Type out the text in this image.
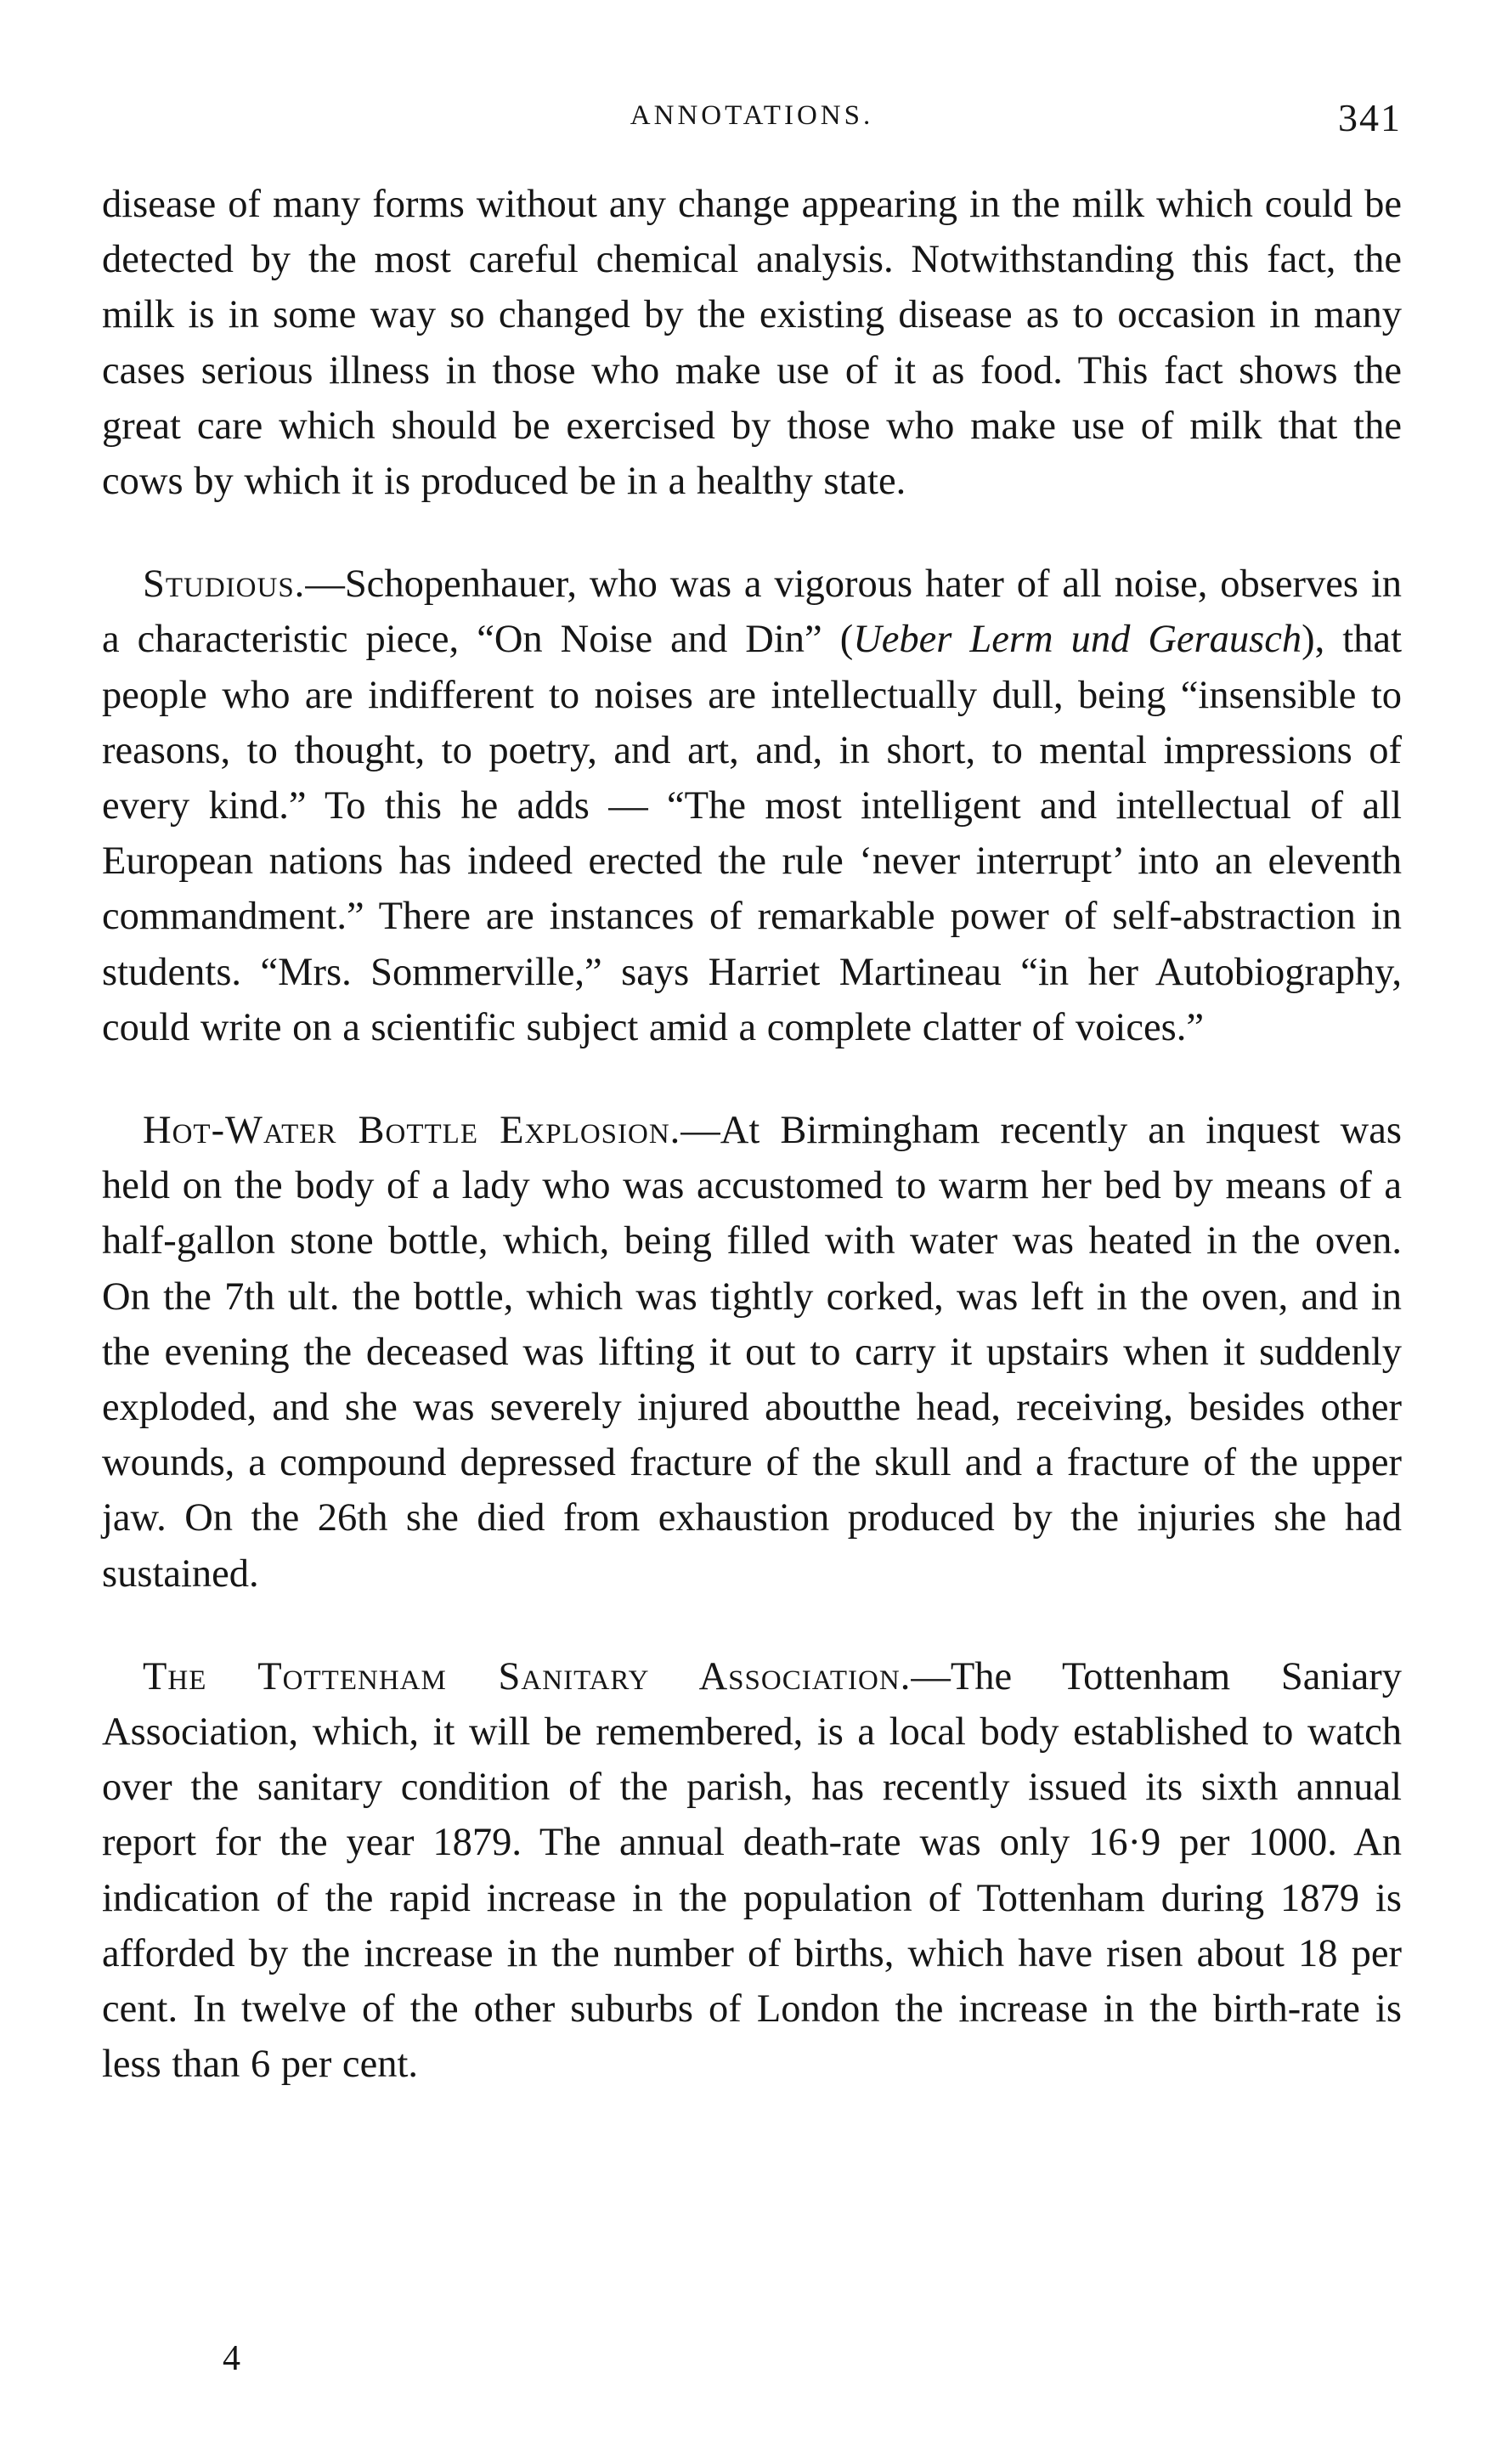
ANNOTATIONS.	341

disease of many forms without any change appearing in the milk which could be detected by the most careful chemical analysis. Notwithstanding this fact, the milk is in some way so changed by the existing disease as to occasion in many cases serious illness in those who make use of it as food. This fact shows the great care which should be exercised by those who make use of milk that the cows by which it is produced be in a healthy state.

Studious.—Schopenhauer, who was a vigorous hater of all noise, observes in a characteristic piece, “On Noise and Din” (Ueber Lerm und Gerausch), that people who are indifferent to noises are intellectually dull, being “insensible to reasons, to thought, to poetry, and art, and, in short, to mental impressions of every kind.” To this he adds — “The most intelligent and intellectual of all European nations has indeed erected the rule ‘never interrupt’ into an eleventh commandment.” There are instances of remarkable power of self-abstraction in students. “Mrs. Sommerville,” says Harriet Martineau “in her Autobiography, could write on a scientific subject amid a complete clatter of voices.”

Hot-Water Bottle Explosion.—At Birmingham recently an inquest was held on the body of a lady who was accustomed to warm her bed by means of a half-gallon stone bottle, which, being filled with water was heated in the oven. On the 7th ult. the bottle, which was tightly corked, was left in the oven, and in the evening the deceased was lifting it out to carry it upstairs when it suddenly exploded, and she was severely injured aboutthe head, receiving, besides other wounds, a compound depressed fracture of the skull and a fracture of the upper jaw. On the 26th she died from exhaustion produced by the injuries she had sustained.

The Tottenham Sanitary Association.—The Tottenham Saniary Association, which, it will be remembered, is a local body established to watch over the sanitary condition of the parish, has recently issued its sixth annual report for the year 1879. The annual death-rate was only 16·9 per 1000. An indication of the rapid increase in the population of Tottenham during 1879 is afforded by the increase in the number of births, which have risen about 18 per cent. In twelve of the other suburbs of London the increase in the birth-rate is less than 6 per cent.

4
